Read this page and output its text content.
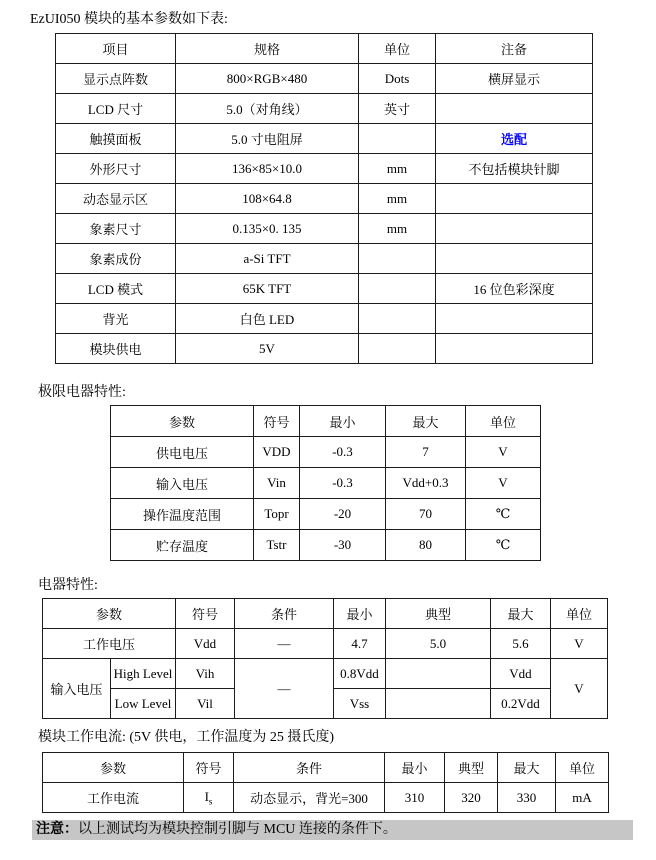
EzUI050 模块的基本参数如下表:
项目	规格	单位	注备
显示点阵数	800×RGB×480	Dots	横屏显示
LCD 尺寸	5.0（对角线）	英寸	
触摸面板	5.0 寸电阻屏		选配
外形尺寸	136×85×10.0	mm	不包括模块针脚
动态显示区	108×64.8	mm	
象素尺寸	0.135×0. 135	mm	
象素成份	a-Si TFT		
LCD 模式	65K TFT		16 位色彩深度
背光	白色 LED		
模块供电	5V		
极限电器特性:
参数	符号	最小	最大	单位
供电电压	VDD	-0.3	7	V
输入电压	Vin	-0.3	Vdd+0.3	V
操作温度范围	Topr	-20	70	℃
贮存温度	Tstr	-30	80	℃
电器特性:
参数		符号	条件	最小	典型	最大	单位
工作电压		Vdd	—	4.7	5.0	5.6	V
输入电压	High Level	Vih	—	0.8Vdd		Vdd	V
	Low Level	Vil		Vss		0.2Vdd	
模块工作电流: (5V 供电，工作温度为 25 摄氏度)
参数	符号	条件	最小	典型	最大	单位
工作电流	$I_s$	动态显示，背光=300	310	320	330	mA
注意：以上测试均为模块控制引脚与 MCU 连接的条件下。
